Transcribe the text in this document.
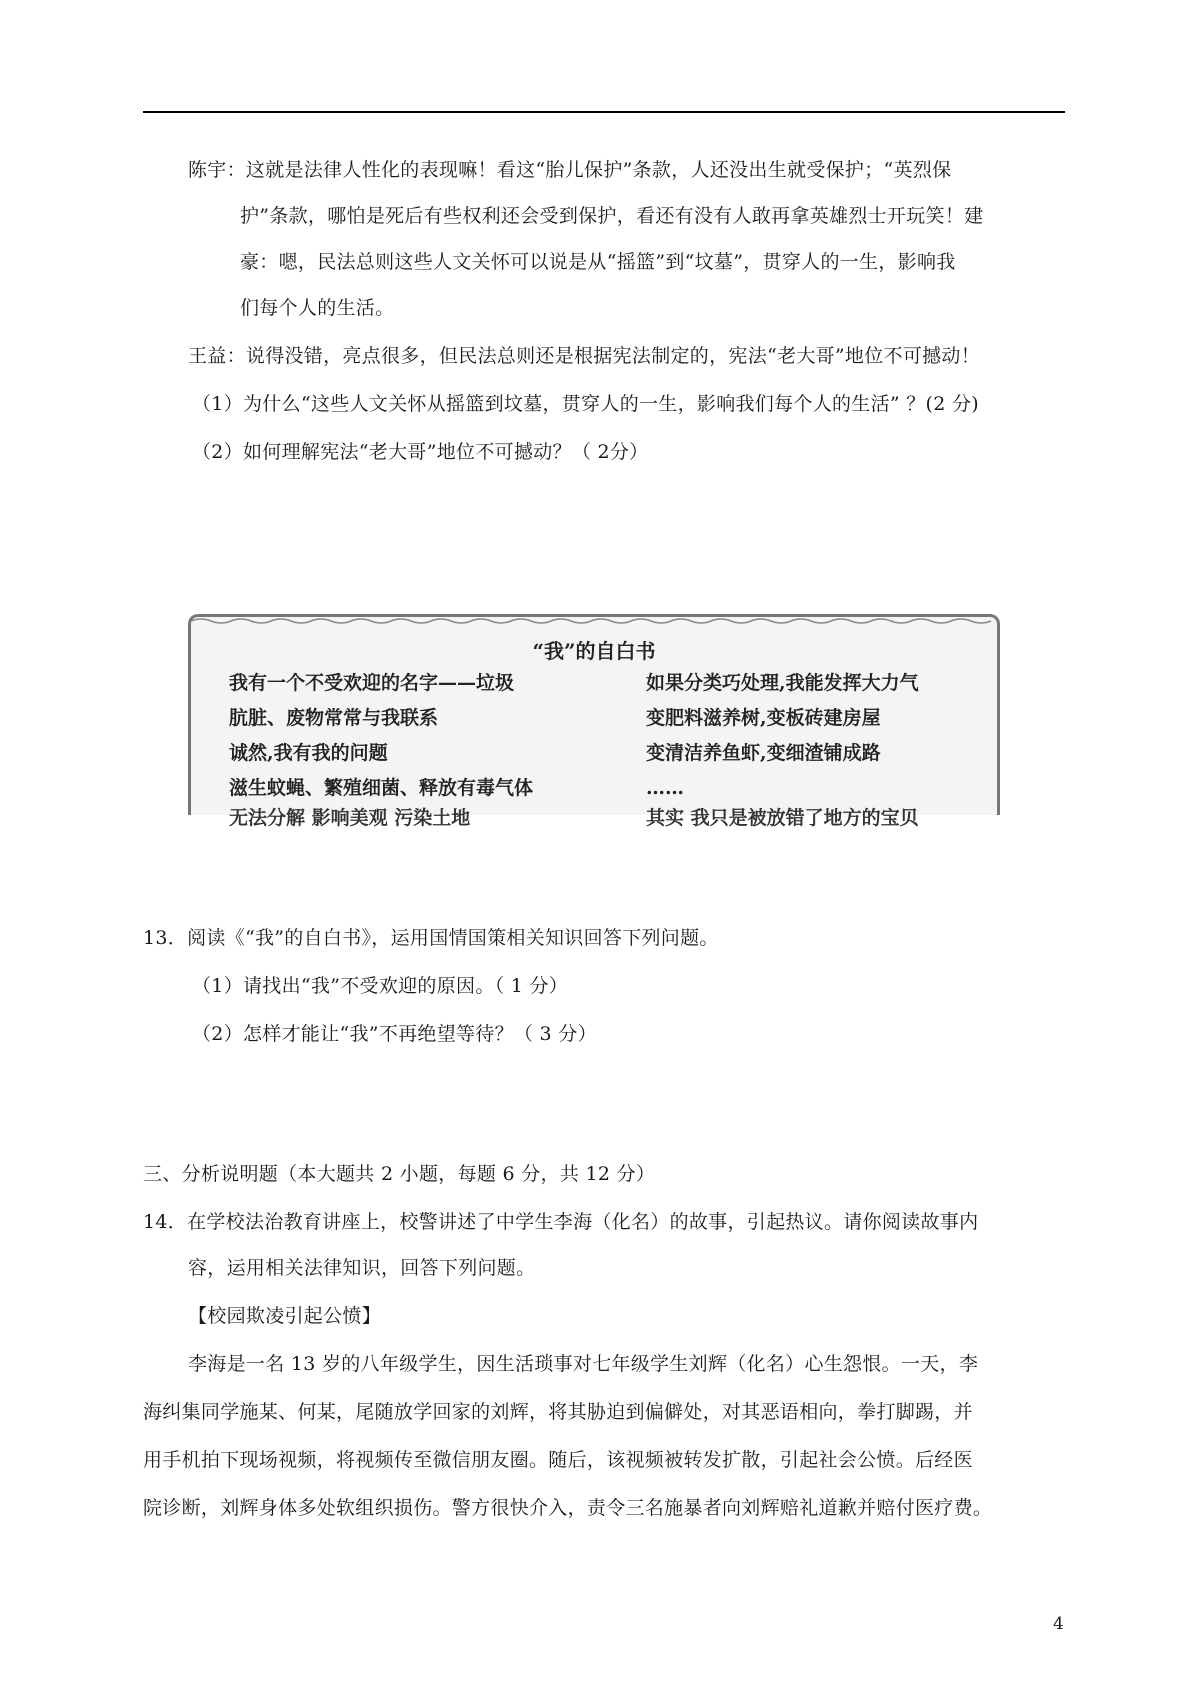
陈宇：这就是法律人性化的表现嘛！看这“胎儿保护”条款，人还没出生就受保护；“英烈保
护”条款，哪怕是死后有些权利还会受到保护，看还有没有人敢再拿英雄烈士开玩笑！建
豪：嗯，民法总则这些人文关怀可以说是从“摇篮”到“坟墓”，贯穿人的一生，影响我
们每个人的生活。
王益：说得没错，亮点很多，但民法总则还是根据宪法制定的，宪法“老大哥”地位不可撼动！
（1）为什么“这些人文关怀从摇篮到坟墓，贯穿人的一生，影响我们每个人的生活” ？(2 分)
（2）如何理解宪法“老大哥”地位不可撼动？（ 2分）
“我”的自白书
我有一个不受欢迎的名字——垃圾
肮脏、废物常常与我联系
诚然,我有我的问题
滋生蚊蝇、繁殖细菌、释放有毒气体
无法分解 影响美观 污染土地
如果分类巧处理,我能发挥大力气
变肥料滋养树,变板砖建房屋
变清洁养鱼虾,变细渣铺成路
……
其实 我只是被放错了地方的宝贝
13．阅读《“我”的自白书》，运用国情国策相关知识回答下列问题。
（1）请找出“我”不受欢迎的原因。（ 1 分）
（2）怎样才能让“我”不再绝望等待？（ 3 分）
三、分析说明题（本大题共 2 小题，每题 6 分，共 12 分）
14．在学校法治教育讲座上，校警讲述了中学生李海（化名）的故事，引起热议。请你阅读故事内
容，运用相关法律知识，回答下列问题。
【校园欺凌引起公愤】
李海是一名 13 岁的八年级学生，因生活琐事对七年级学生刘辉（化名）心生怨恨。一天，李
海纠集同学施某、何某，尾随放学回家的刘辉，将其胁迫到偏僻处，对其恶语相向，拳打脚踢，并
用手机拍下现场视频，将视频传至微信朋友圈。随后，该视频被转发扩散，引起社会公愤。后经医
院诊断，刘辉身体多处软组织损伤。警方很快介入，责令三名施暴者向刘辉赔礼道歉并赔付医疗费。
4
